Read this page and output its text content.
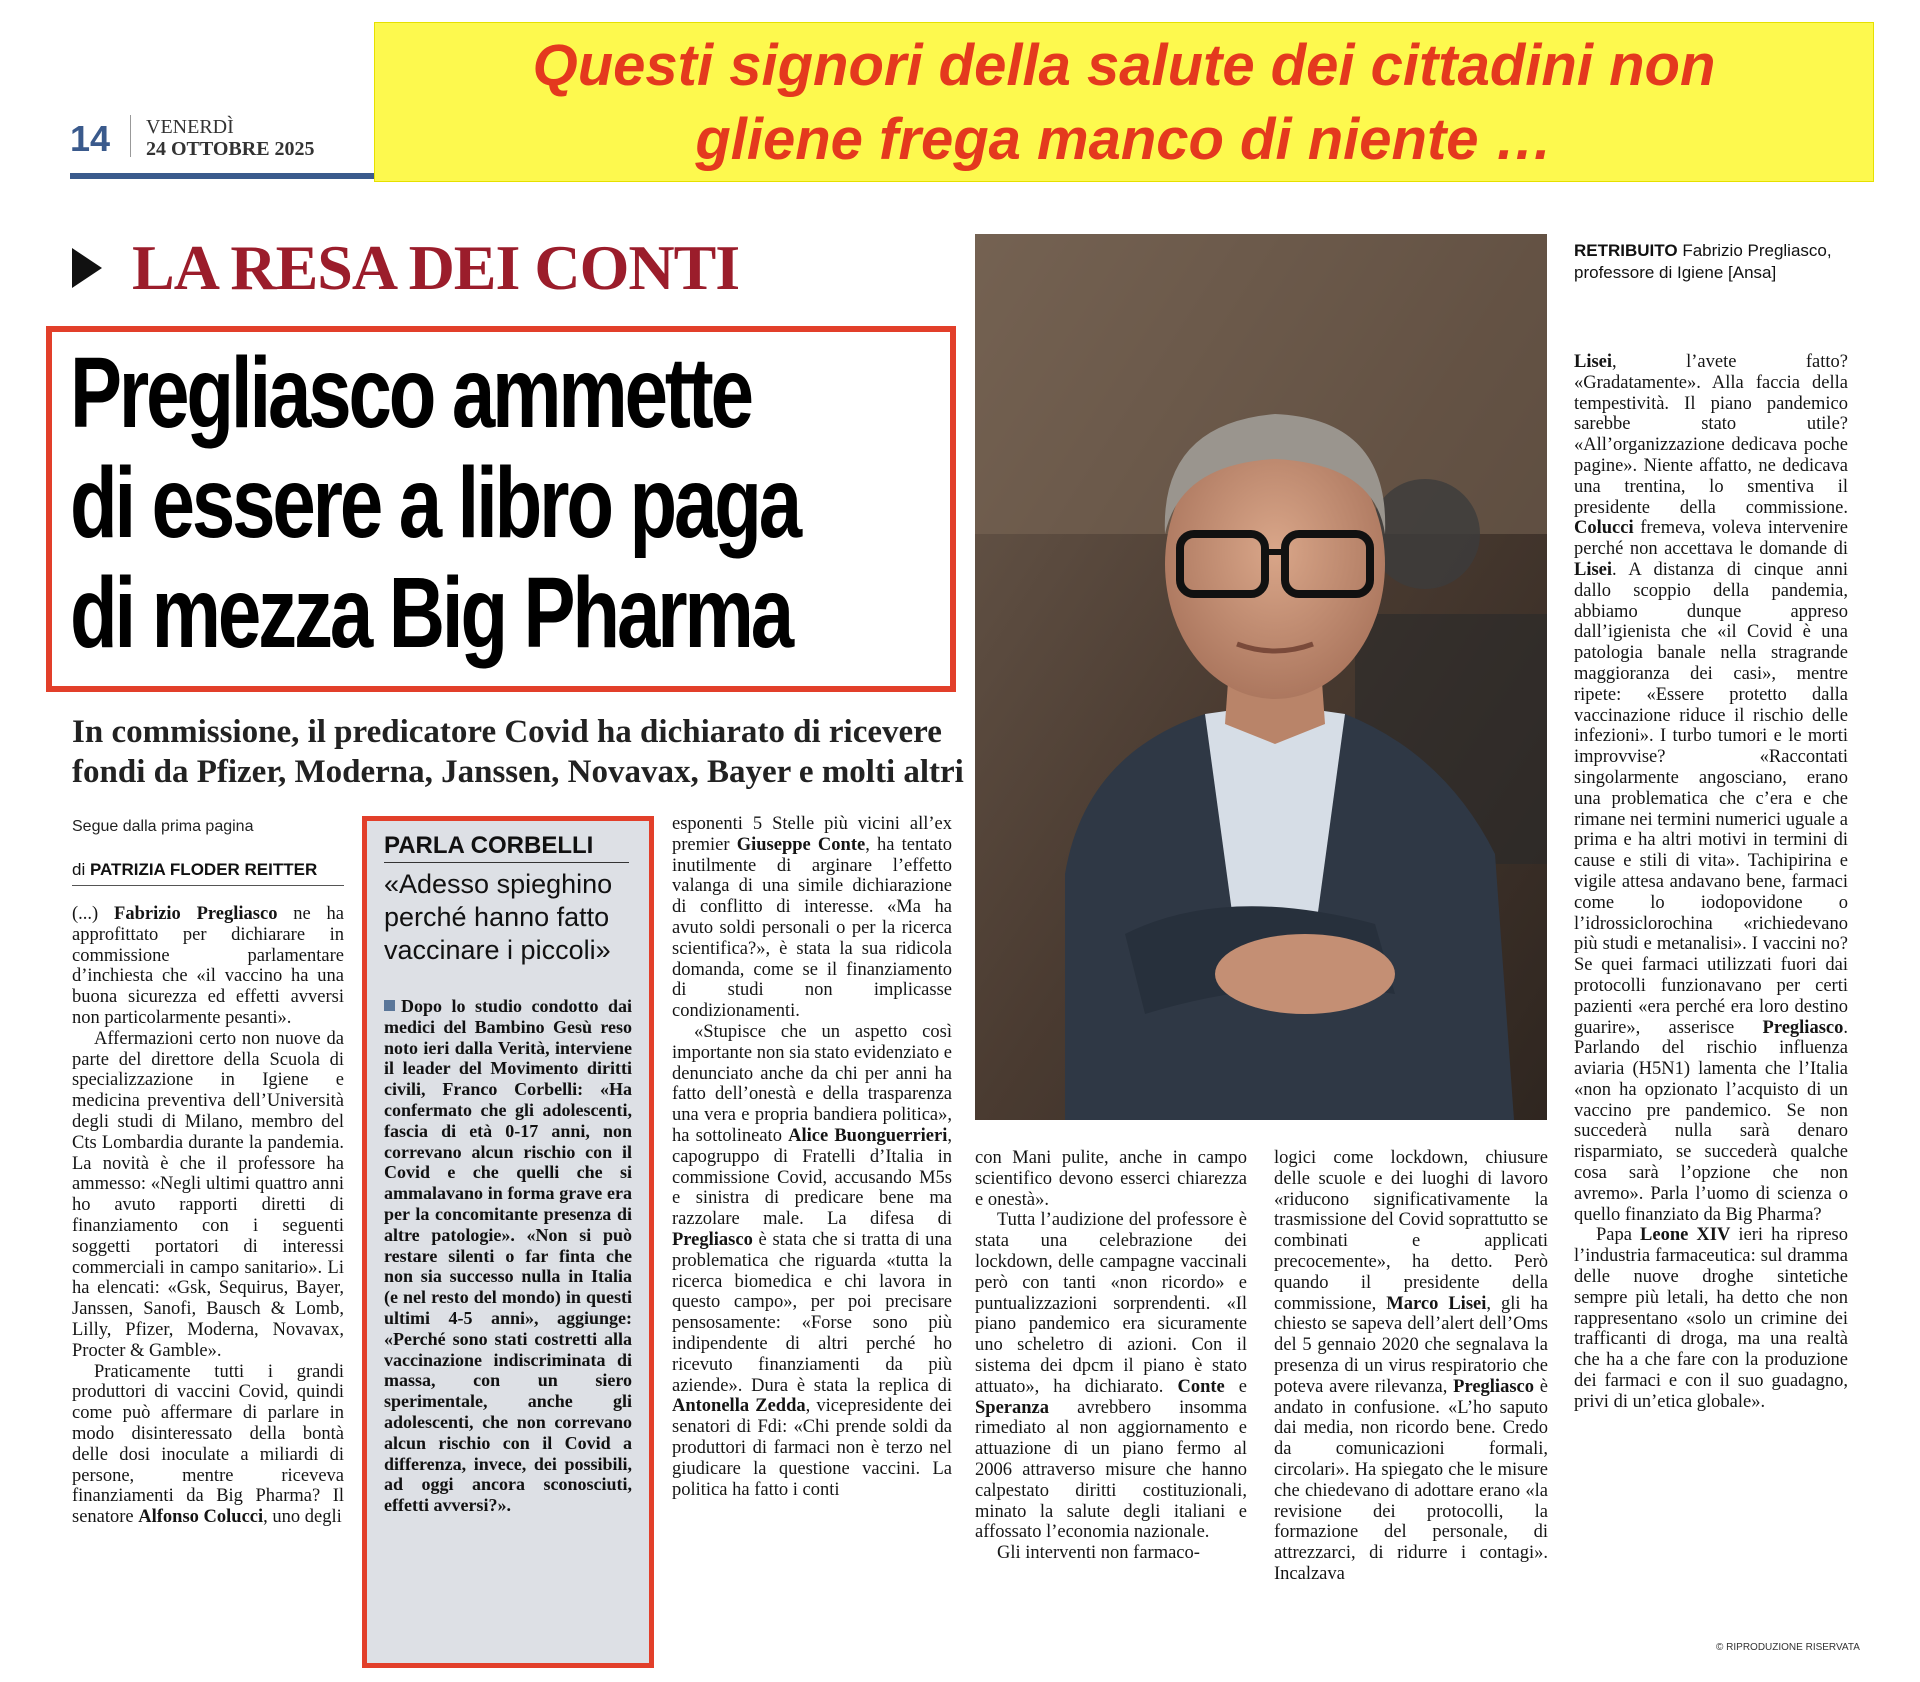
Questi signori della salute dei cittadini non
gliene frega manco di niente …
14 VENERDÌ
24 OTTOBRE 2025
LA RESA DEI CONTI
Pregliasco ammette
di essere a libro paga
di mezza Big Pharma
In commissione, il predicatore Covid ha dichiarato di ricevere
fondi da Pfizer, Moderna, Janssen, Novavax, Bayer e molti altri
Segue dalla prima pagina
di PATRIZIA FLODER REITTER

(...) Fabrizio Pregliasco ne ha approfittato per dichiarare in commissione parlamentare d’inchiesta che «il vaccino ha una buona sicurezza ed effetti avversi non particolarmente pesanti».

Affermazioni certo non nuove da parte del direttore della Scuola di specializzazione in Igiene e medicina preventiva dell’Università degli studi di Milano, membro del Cts Lombardia durante la pandemia. La novità è che il professore ha ammesso: «Negli ultimi quattro anni ho avuto rapporti diretti di finanziamento con i seguenti soggetti portatori di interessi commerciali in campo sanitario». Li ha elencati: «Gsk, Sequirus, Bayer, Janssen, Sanofi, Bausch & Lomb, Lilly, Pfizer, Moderna, Novavax, Procter & Gamble».

Praticamente tutti i grandi produttori di vaccini Covid, quindi come può affermare di parlare in modo disinteressato della bontà delle dosi inoculate a miliardi di persone, mentre riceveva finanziamenti da Big Pharma? Il senatore Alfonso Colucci, uno degli

PARLA CORBELLI
«Adesso spieghino perché hanno fatto vaccinare i piccoli»

Dopo lo studio condotto dai medici del Bambino Gesù reso noto ieri dalla Verità, interviene il leader del Movimento diritti civili, Franco Corbelli: «Ha confermato che gli adolescenti, fascia di età 0-17 anni, non correvano alcun rischio con il Covid e che quelli che si ammalavano in forma grave era per la concomitante presenza di altre patologie». «Non si può restare silenti o far finta che non sia successo nulla in Italia (e nel resto del mondo) in questi ultimi 4-5 anni», aggiunge: «Perché sono stati costretti alla vaccinazione indiscriminata di massa, con un siero sperimentale, anche gli adolescenti, che non correvano alcun rischio con il Covid a differenza, invece, dei possibili, ad oggi ancora sconosciuti, effetti avversi?».

esponenti 5 Stelle più vicini all’ex premier Giuseppe Conte, ha tentato inutilmente di arginare l’effetto valanga di una simile dichiarazione di conflitto di interesse. «Ma ha avuto soldi personali o per la ricerca scientifica?», è stata la sua ridicola domanda, come se il finanziamento di studi non implicasse condizionamenti.

«Stupisce che un aspetto così importante non sia stato evidenziato e denunciato anche da chi per anni ha fatto dell’onestà e della trasparenza una vera e propria bandiera politica», ha sottolineato Alice Buonguerrieri, capogruppo di Fratelli d’Italia in commissione Covid, accusando M5s e sinistra di predicare bene ma razzolare male. La difesa di Pregliasco è stata che si tratta di una problematica che riguarda «tutta la ricerca biomedica e chi lavora in questo campo», per poi precisare pensosamente: «Forse sono più indipendente di altri perché ho ricevuto finanziamenti da più aziende». Dura è stata la replica di Antonella Zedda, vicepresidente dei senatori di Fdi: «Chi prende soldi da produttori di farmaci non è terzo nel giudicare la questione vaccini. La politica ha fatto i conti

RETRIBUITO Fabrizio Pregliasco, professore di Igiene [Ansa]

con Mani pulite, anche in campo scientifico devono esserci chiarezza e onestà».

Tutta l’audizione del professore è stata una celebrazione dei lockdown, delle campagne vaccinali però con tanti «non ricordo» e puntualizzazioni sorprendenti. «Il piano pandemico era sicuramente uno scheletro di azioni. Con il sistema dei dpcm il piano è stato attuato», ha dichiarato. Conte e Speranza avrebbero insomma rimediato al non aggiornamento e attuazione di un piano fermo al 2006 attraverso misure che hanno calpestato diritti costituzionali, minato la salute degli italiani e affossato l’economia nazionale.

Gli interventi non farmaco-

logici come lockdown, chiusure delle scuole e dei luoghi di lavoro «riducono significativamente la trasmissione del Covid soprattutto se combinati e applicati precocemente», ha detto. Però quando il presidente della commissione, Marco Lisei, gli ha chiesto se sapeva dell’alert dell’Oms del 5 gennaio 2020 che segnalava la presenza di un virus respiratorio che poteva avere rilevanza, Pregliasco è andato in confusione. «L’ho saputo dai media, non ricordo bene. Credo da comunicazioni formali, circolari». Ha spiegato che le misure che chiedevano di adottare erano «la revisione dei protocolli, la formazione del personale, di attrezzarci, di ridurre i contagi». Incalzava

Lisei, l’avete fatto? «Gradatamente». Alla faccia della tempestività. Il piano pandemico sarebbe stato utile? «All’organizzazione dedicava poche pagine». Niente affatto, ne dedicava una trentina, lo smentiva il presidente della commissione. Colucci fremeva, voleva intervenire perché non accettava le domande di Lisei. A distanza di cinque anni dallo scoppio della pandemia, abbiamo dunque appreso dall’igienista che «il Covid è una patologia banale nella stragrande maggioranza dei casi», mentre ripete: «Essere protetto dalla vaccinazione riduce il rischio delle infezioni». I turbo tumori e le morti improvvise? «Raccontati singolarmente angosciano, erano una problematica che c’era e che rimane nei termini numerici uguale a prima e ha altri motivi in termini di cause e stili di vita». Tachipirina e vigile attesa andavano bene, farmaci come lo iodopovidone o l’idrossiclorochina «richiedevano più studi e metanalisi». I vaccini no? Se quei farmaci utilizzati fuori dai protocolli funzionavano per certi pazienti «era perché era loro destino guarire», asserisce Pregliasco. Parlando del rischio influenza aviaria (H5N1) lamenta che l’Italia «non ha opzionato l’acquisto di un vaccino pre pandemico. Se non succederà nulla sarà denaro risparmiato, se succederà qualche cosa sarà l’opzione che non avremo». Parla l’uomo di scienza o quello finanziato da Big Pharma?

Papa Leone XIV ieri ha ripreso l’industria farmaceutica: sul dramma delle nuove droghe sintetiche sempre più letali, ha detto che non rappresentano «solo un crimine dei trafficanti di droga, ma una realtà che ha a che fare con la produzione dei farmaci e con il suo guadagno, privi di un’etica globale».

© RIPRODUZIONE RISERVATA
